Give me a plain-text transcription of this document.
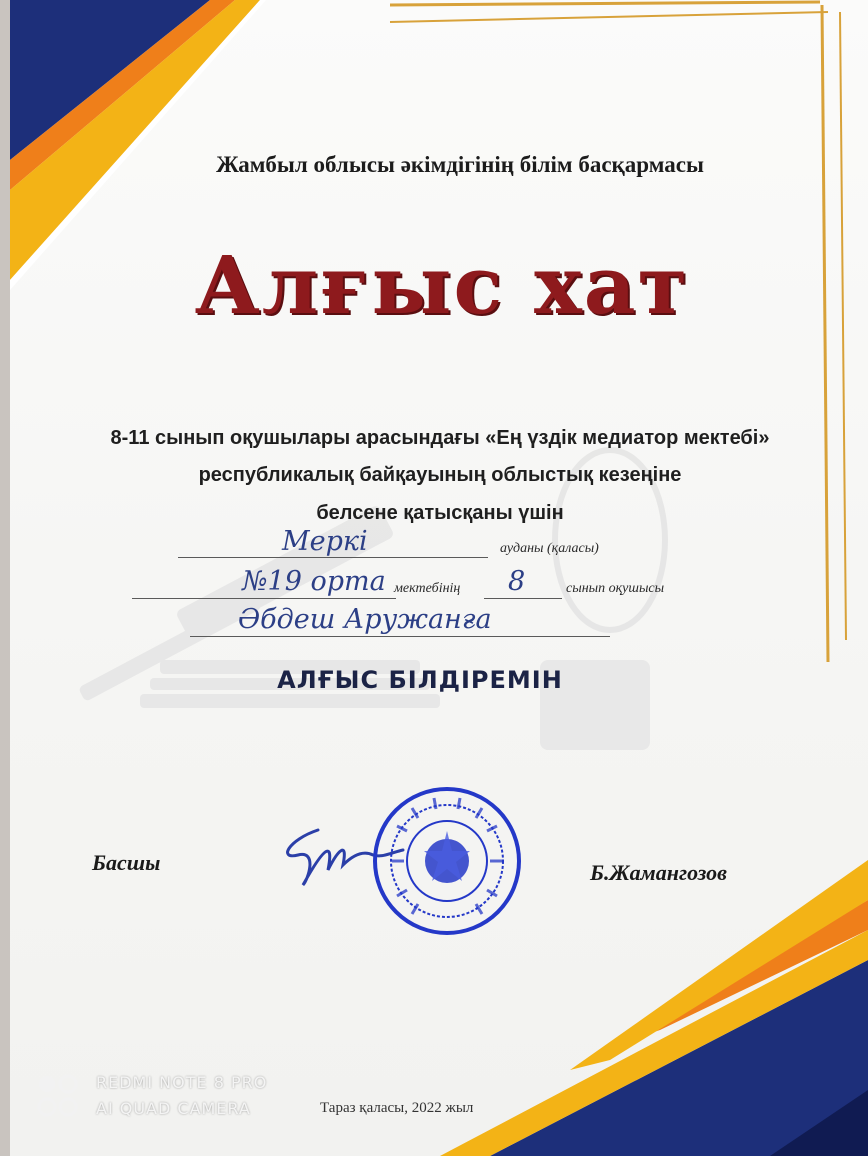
Жамбыл облысы әкімдігінің білім басқармасы
Алғыс хат
8-11 сынып оқушылары арасындағы «Ең үздік медиатор мектебі»
республикалық байқауының облыстық кезеңіне
белсене қатысқаны үшін
Меркі	ауданы (қаласы)
№19 орта мектебінің 8	сынып оқушысы
Әбдеш Аружанға
АЛҒЫС БІЛДІРЕМІН
Басшы	Б.Жамангозов
Тараз қаласы, 2022 жыл
REDMI NOTE 8 PRO
AI QUAD CAMERA
